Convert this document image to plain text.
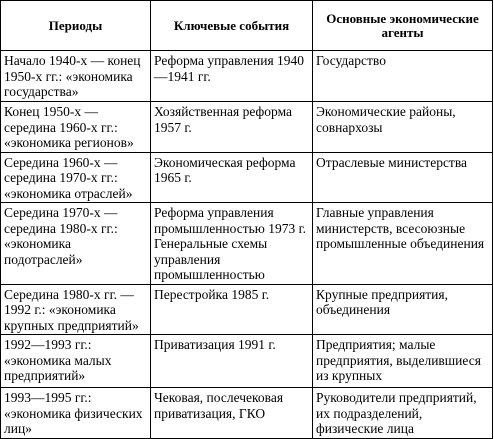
Периоды	Ключевые события	Основные экономические агенты
Начало 1940-х — конец 1950-х гг.: «экономика государства»	Реформа управления 1940—1941 гг.	Государство
Конец 1950-х — середина 1960-х гг.: «экономика регионов»	Хозяйственная реформа 1957 г.	Экономические районы, совнархозы
Середина 1960-х — середина 1970-х гг.: «экономика отраслей»	Экономическая реформа 1965 г.	Отраслевые министерства
Середина 1970-х — середина 1980-х гг.: «экономика подотраслей»	Реформа управления промышленностью 1973 г. Генеральные схемы управления промышленностью	Главные управления министерств, всесоюзные промышленные объединения
Середина 1980-х гг. — 1992 г.: «экономика крупных предприятий»	Перестройка 1985 г.	Крупные предприятия, объединения
1992—1993 гг.: «экономика малых предприятий»	Приватизация 1991 г.	Предприятия; малые предприятия, выделившиеся из крупных
1993—1995 гг.: «экономика физических лиц»	Чековая, послечековая приватизация, ГКО	Руководители предприятий, их подразделений, физические лица
